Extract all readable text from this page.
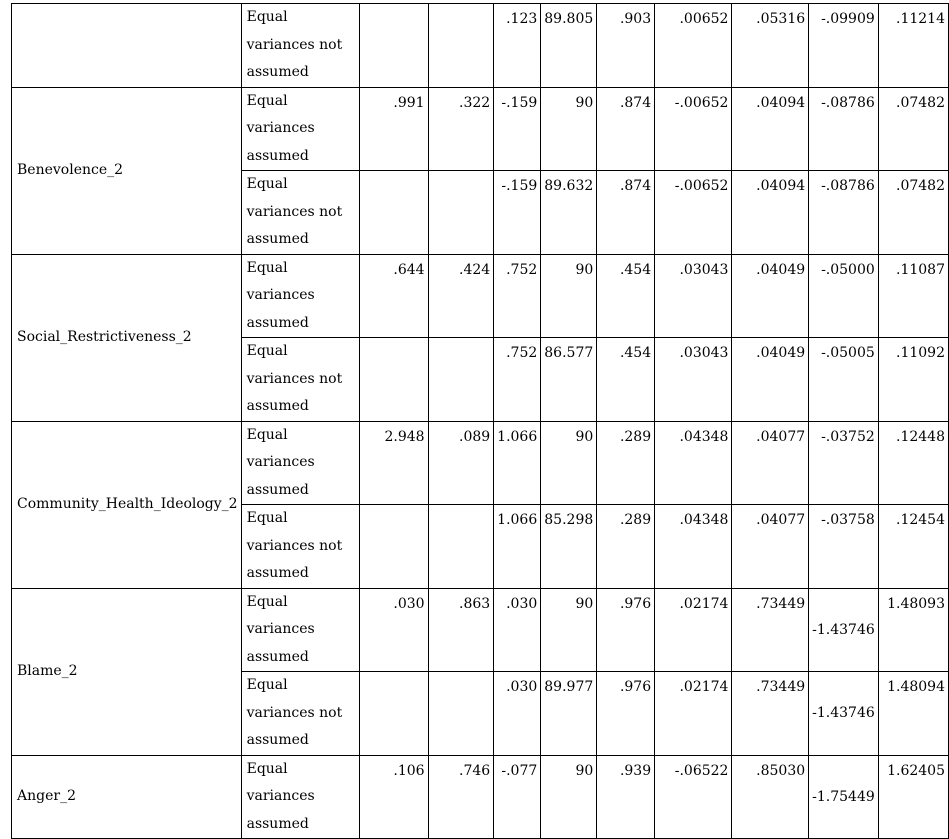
	Equal variances not assumed			.123	89.805	.903	.00652	.05316	-.09909	.11214
Benevolence_2	Equal variances assumed	.991	.322	-.159	90	.874	-.00652	.04094	-.08786	.07482
	Equal variances not assumed			-.159	89.632	.874	-.00652	.04094	-.08786	.07482
Social_Restrictiveness_2	Equal variances assumed	.644	.424	.752	90	.454	.03043	.04049	-.05000	.11087
	Equal variances not assumed			.752	86.577	.454	.03043	.04049	-.05005	.11092
Community_Health_Ideology_2	Equal variances assumed	2.948	.089	1.066	90	.289	.04348	.04077	-.03752	.12448
	Equal variances not assumed			1.066	85.298	.289	.04348	.04077	-.03758	.12454
Blame_2	Equal variances assumed	.030	.863	.030	90	.976	.02174	.73449	-1.43746	1.48093
	Equal variances not assumed			.030	89.977	.976	.02174	.73449	-1.43746	1.48094
Anger_2	Equal variances assumed	.106	.746	-.077	90	.939	-.06522	.85030	-1.75449	1.62405
